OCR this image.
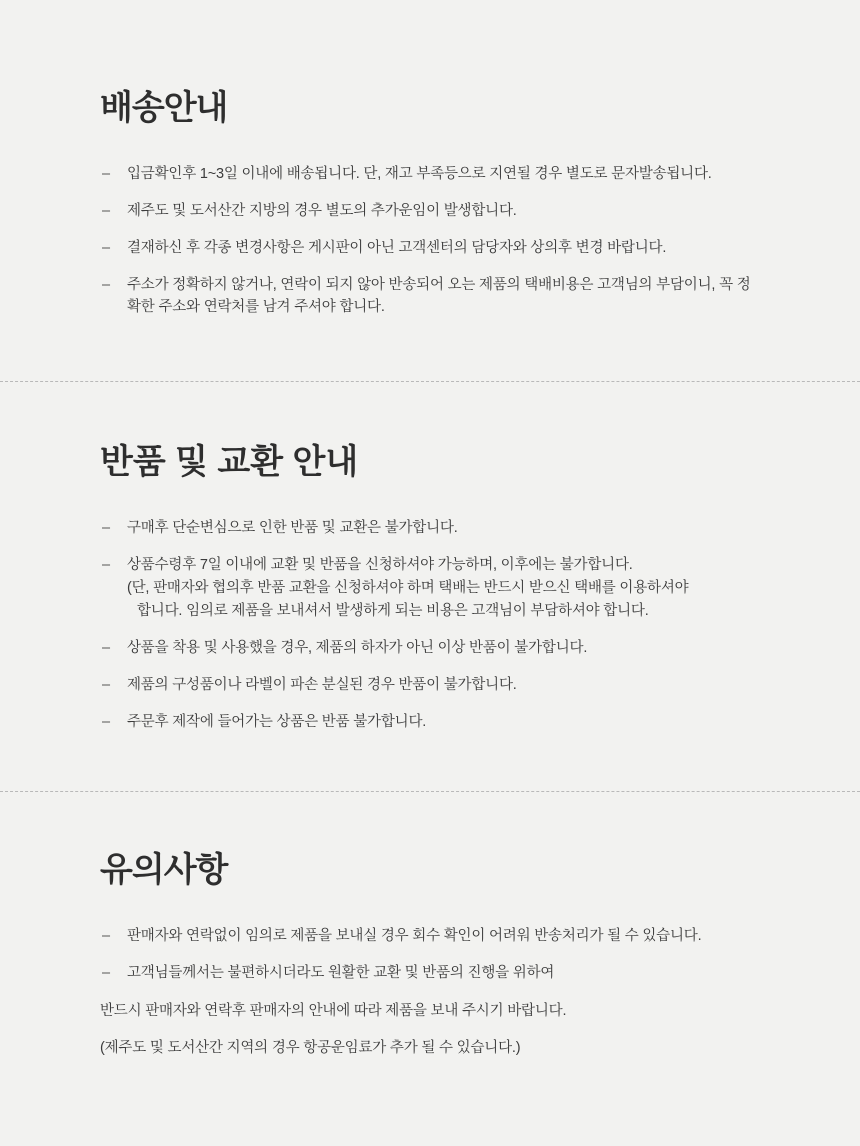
배송안내
– 입금확인후 1~3일 이내에 배송됩니다. 단, 재고 부족등으로 지연될 경우 별도로 문자발송됩니다.
– 제주도 및 도서산간 지방의 경우 별도의 추가운임이 발생합니다.
– 결재하신 후 각종 변경사항은 게시판이 아닌 고객센터의 담당자와 상의후 변경 바랍니다.
– 주소가 정확하지 않거나, 연락이 되지 않아 반송되어 오는 제품의 택배비용은 고객님의 부담이니, 꼭 정확한 주소와 연락처를 남겨 주셔야 합니다.
반품 및 교환 안내
– 구매후 단순변심으로 인한 반품 및 교환은 불가합니다.
– 상품수령후 7일 이내에 교환 및 반품을 신청하셔야 가능하며, 이후에는 불가합니다.
(단, 판매자와 협의후 반품 교환을 신청하셔야 하며 택배는 반드시 받으신 택배를 이용하셔야
합니다. 임의로 제품을 보내셔서 발생하게 되는 비용은 고객님이 부담하셔야 합니다.
– 상품을 착용 및 사용했을 경우, 제품의 하자가 아닌 이상 반품이 불가합니다.
– 제품의 구성품이나 라벨이 파손 분실된 경우 반품이 불가합니다.
– 주문후 제작에 들어가는 상품은 반품 불가합니다.
유의사항
– 판매자와 연락없이 임의로 제품을 보내실 경우 회수 확인이 어려워 반송처리가 될 수 있습니다.
– 고객님들께서는 불편하시더라도 원활한 교환 및 반품의 진행을 위하여

반드시 판매자와 연락후 판매자의 안내에 따라 제품을 보내 주시기 바랍니다.

(제주도 및 도서산간 지역의 경우 항공운임료가 추가 될 수 있습니다.)
